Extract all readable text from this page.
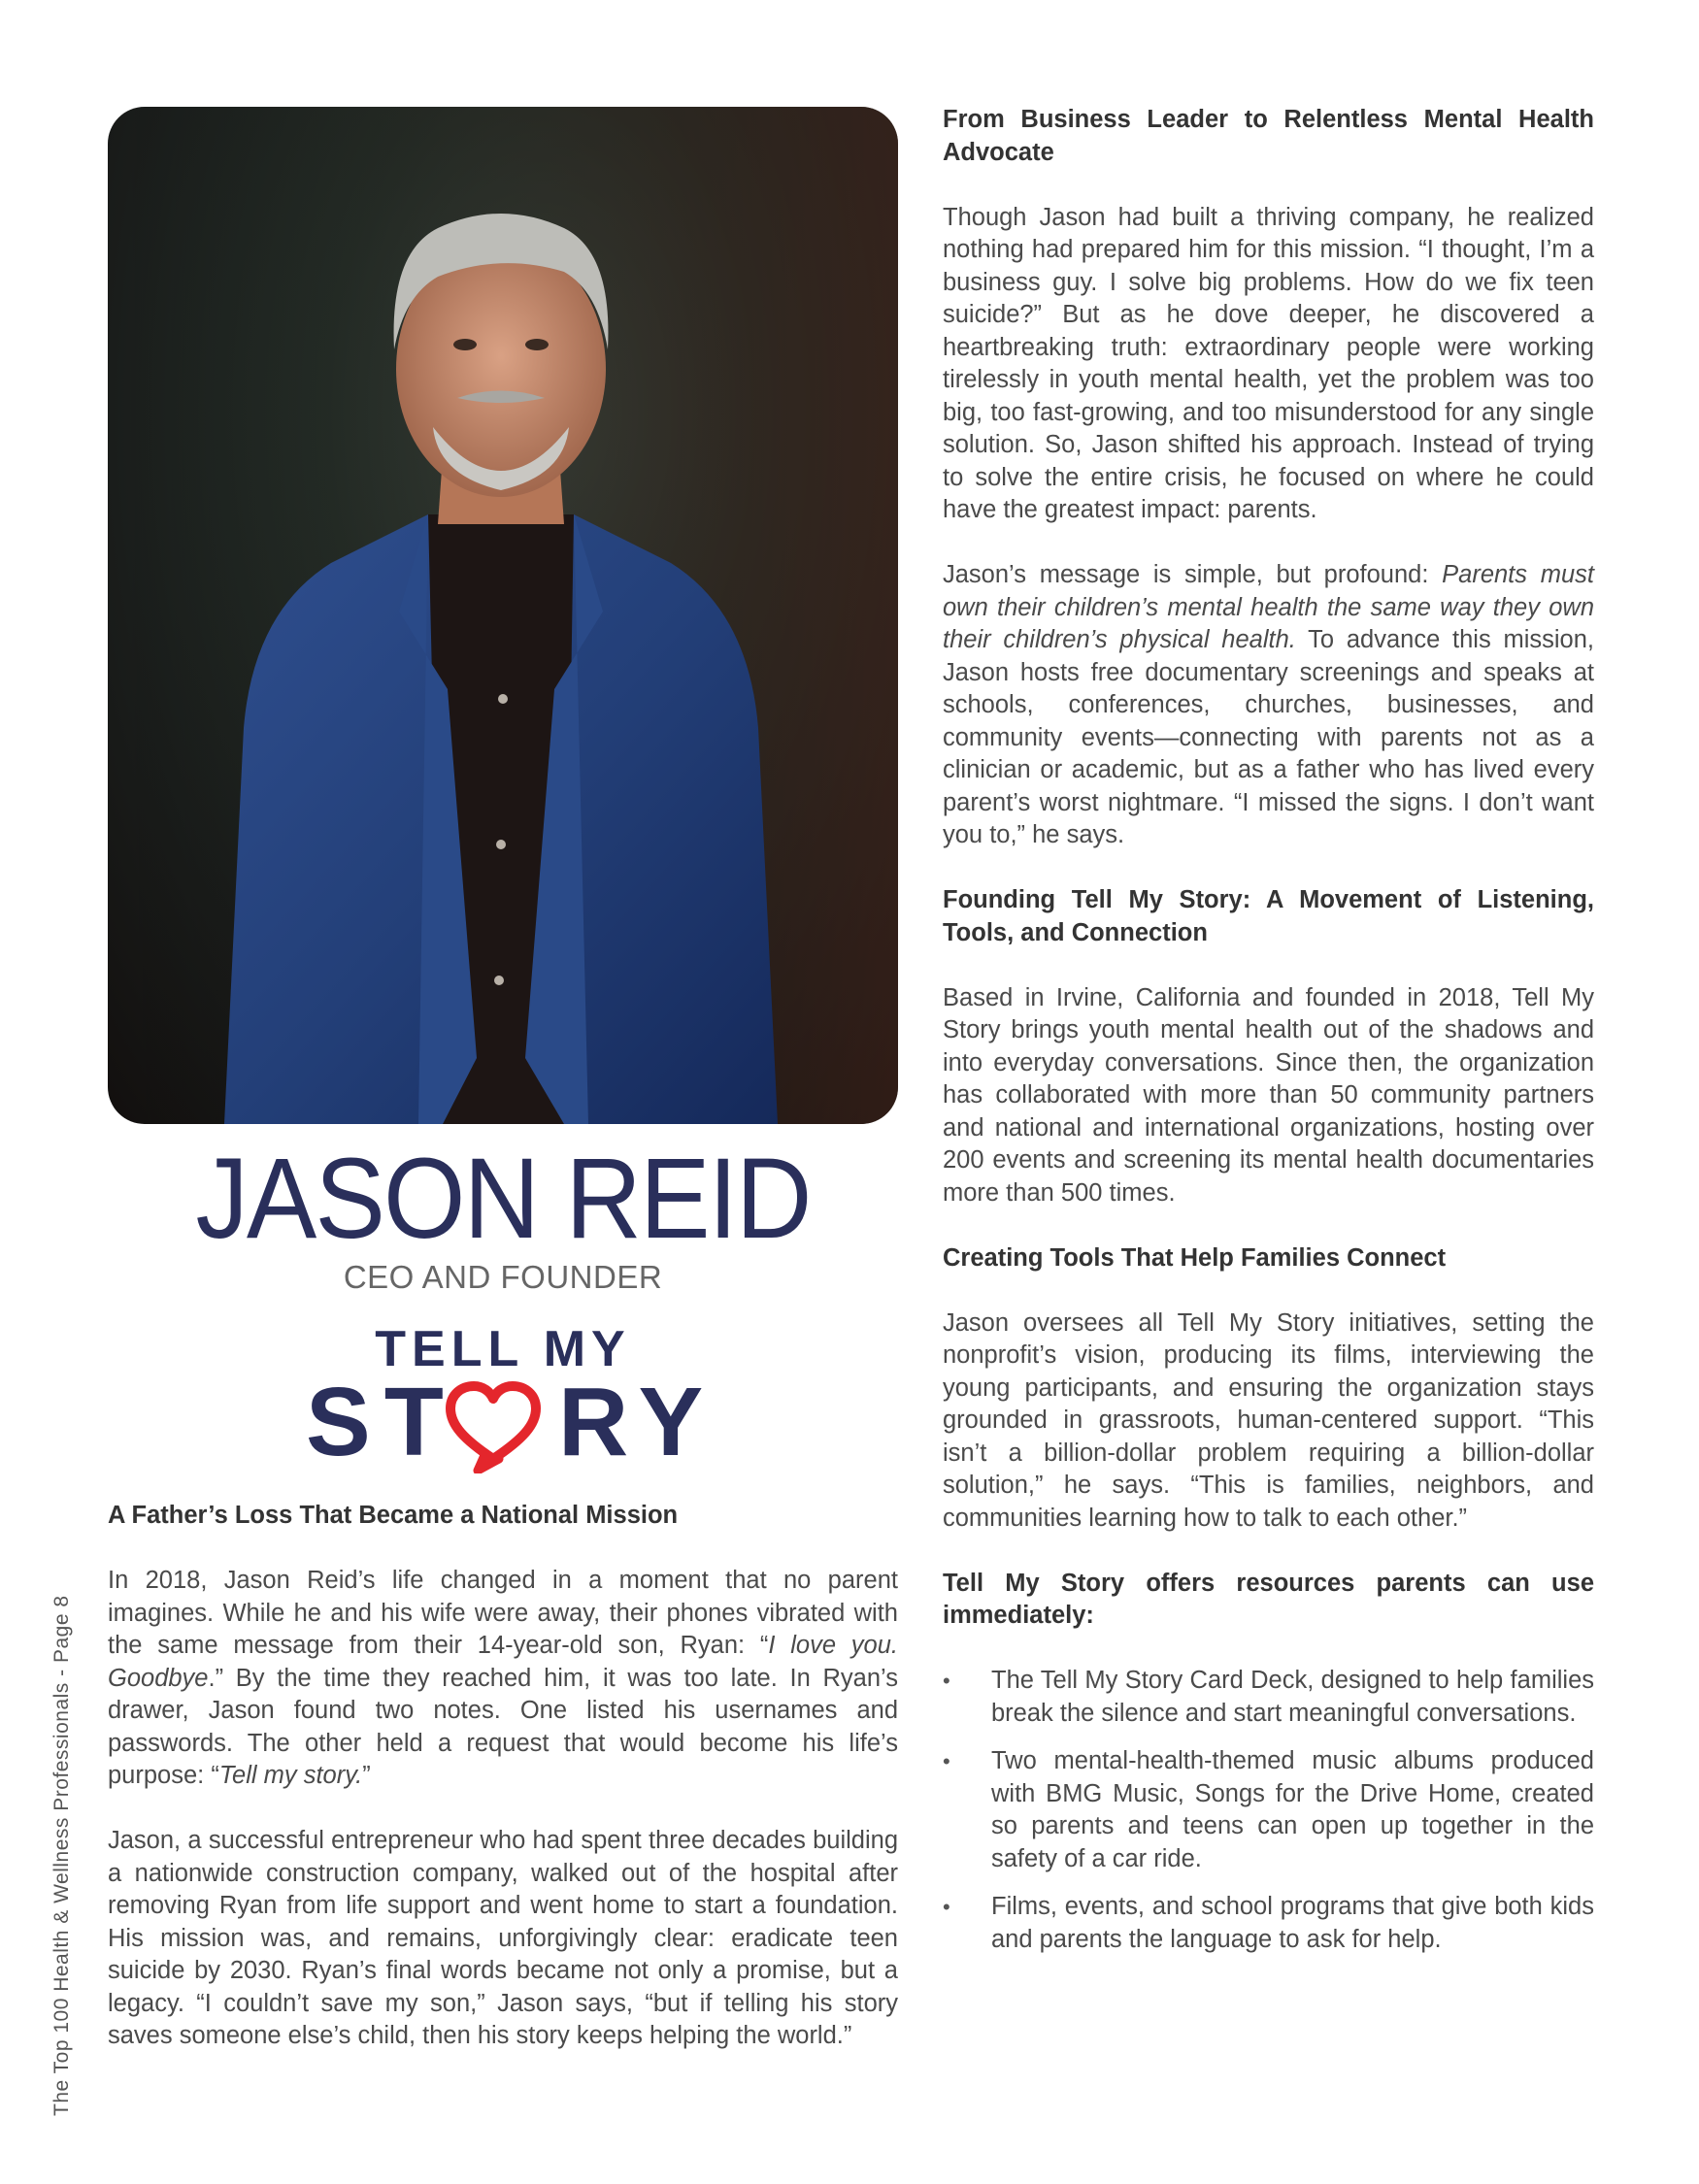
JASON REID
CEO AND FOUNDER
TELL MY
ST RY
A Father’s Loss That Became a National Mission

In 2018, Jason Reid’s life changed in a moment that no parent imagines. While he and his wife were away, their phones vibrated with the same message from their 14-year-old son, Ryan: “I love you. Goodbye.” By the time they reached him, it was too late. In Ryan’s drawer, Jason found two notes. One listed his usernames and passwords. The other held a request that would become his life’s purpose: “Tell my story.”

Jason, a successful entrepreneur who had spent three decades building a nationwide construction company, walked out of the hospital after removing Ryan from life support and went home to start a foundation. His mission was, and remains, unforgivingly clear: eradicate teen suicide by 2030. Ryan’s final words became not only a promise, but a legacy. “I couldn’t save my son,” Jason says, “but if telling his story saves someone else’s child, then his story keeps helping the world.”

From Business Leader to Relentless Mental Health Advocate

Though Jason had built a thriving company, he realized nothing had prepared him for this mission. “I thought, I’m a business guy. I solve big problems. How do we fix teen suicide?” But as he dove deeper, he discovered a heartbreaking truth: extraordinary people were working tirelessly in youth mental health, yet the problem was too big, too fast-growing, and too misunderstood for any single solution. So, Jason shifted his approach. Instead of trying to solve the entire crisis, he focused on where he could have the greatest impact: parents.

Jason’s message is simple, but profound: Parents must own their children’s mental health the same way they own their children’s physical health. To advance this mission, Jason hosts free documentary screenings and speaks at schools, conferences, churches, businesses, and community events—connecting with parents not as a clinician or academic, but as a father who has lived every parent’s worst nightmare. “I missed the signs. I don’t want you to,” he says.

Founding Tell My Story: A Movement of Listening, Tools, and Connection

Based in Irvine, California and founded in 2018, Tell My Story brings youth mental health out of the shadows and into everyday conversations. Since then, the organization has collaborated with more than 50 community partners and national and international organizations, hosting over 200 events and screening its mental health documentaries more than 500 times.

Creating Tools That Help Families Connect

Jason oversees all Tell My Story initiatives, setting the nonprofit’s vision, producing its films, interviewing the young participants, and ensuring the organization stays grounded in grassroots, human-centered support. “This isn’t a billion-dollar problem requiring a billion-dollar solution,” he says. “This is families, neighbors, and communities learning how to talk to each other.”

Tell My Story offers resources parents can use immediately:
• The Tell My Story Card Deck, designed to help families break the silence and start meaningful conversations.
• Two mental-health-themed music albums produced with BMG Music, Songs for the Drive Home, created so parents and teens can open up together in the safety of a car ride.
• Films, events, and school programs that give both kids and parents the language to ask for help.
The Top 100 Health & Wellness Professionals - Page 8
